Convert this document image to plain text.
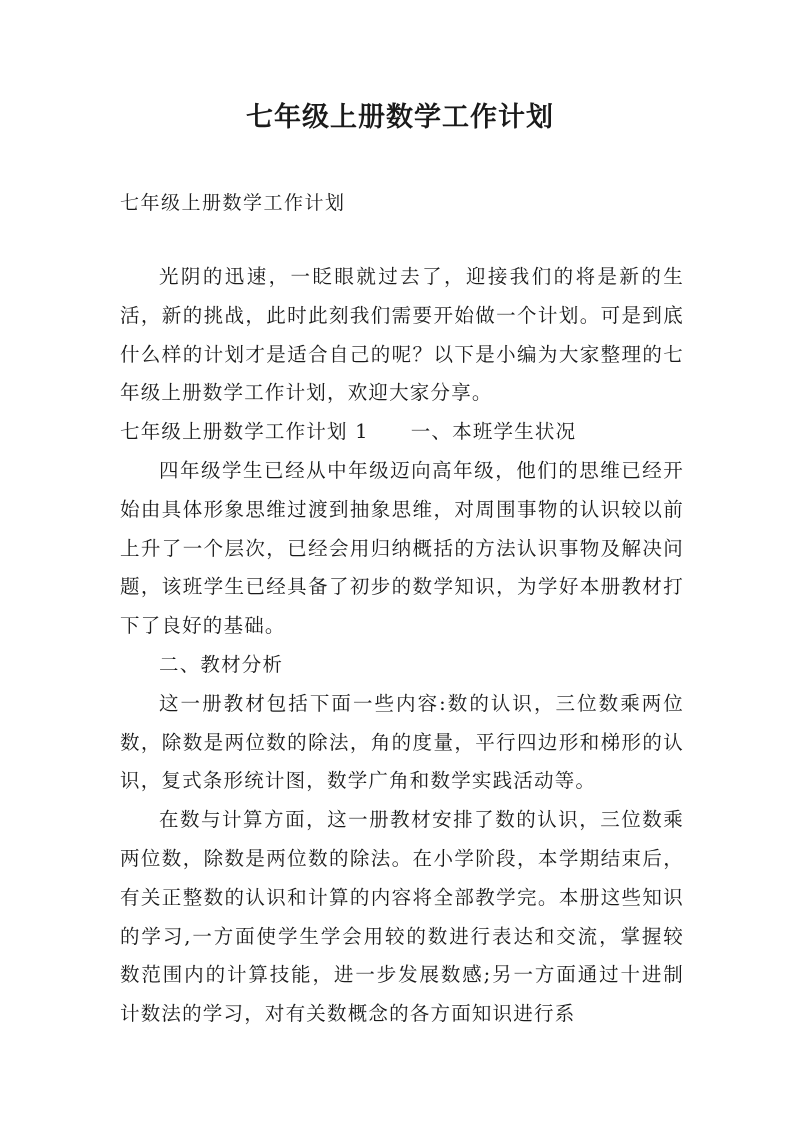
七年级上册数学工作计划

七年级上册数学工作计划

光阴的迅速，一眨眼就过去了，迎接我们的将是新的生活，新的挑战，此时此刻我们需要开始做一个计划。可是到底什么样的计划才是适合自己的呢？以下是小编为大家整理的七年级上册数学工作计划，欢迎大家分享。

七年级上册数学工作计划 1 一、本班学生状况

四年级学生已经从中年级迈向高年级，他们的思维已经开始由具体形象思维过渡到抽象思维，对周围事物的认识较以前上升了一个层次，已经会用归纳概括的方法认识事物及解决问题，该班学生已经具备了初步的数学知识，为学好本册教材打下了良好的基础。

二、教材分析

这一册教材包括下面一些内容:数的认识，三位数乘两位数，除数是两位数的除法，角的度量，平行四边形和梯形的认识，复式条形统计图，数学广角和数学实践活动等。

在数与计算方面，这一册教材安排了数的认识，三位数乘两位数，除数是两位数的除法。在小学阶段，本学期结束后，有关正整数的认识和计算的内容将全部教学完。本册这些知识的学习,一方面使学生学会用较的数进行表达和交流，掌握较数范围内的计算技能，进一步发展数感;另一方面通过十进制计数法的学习，对有关数概念的各方面知识进行系
